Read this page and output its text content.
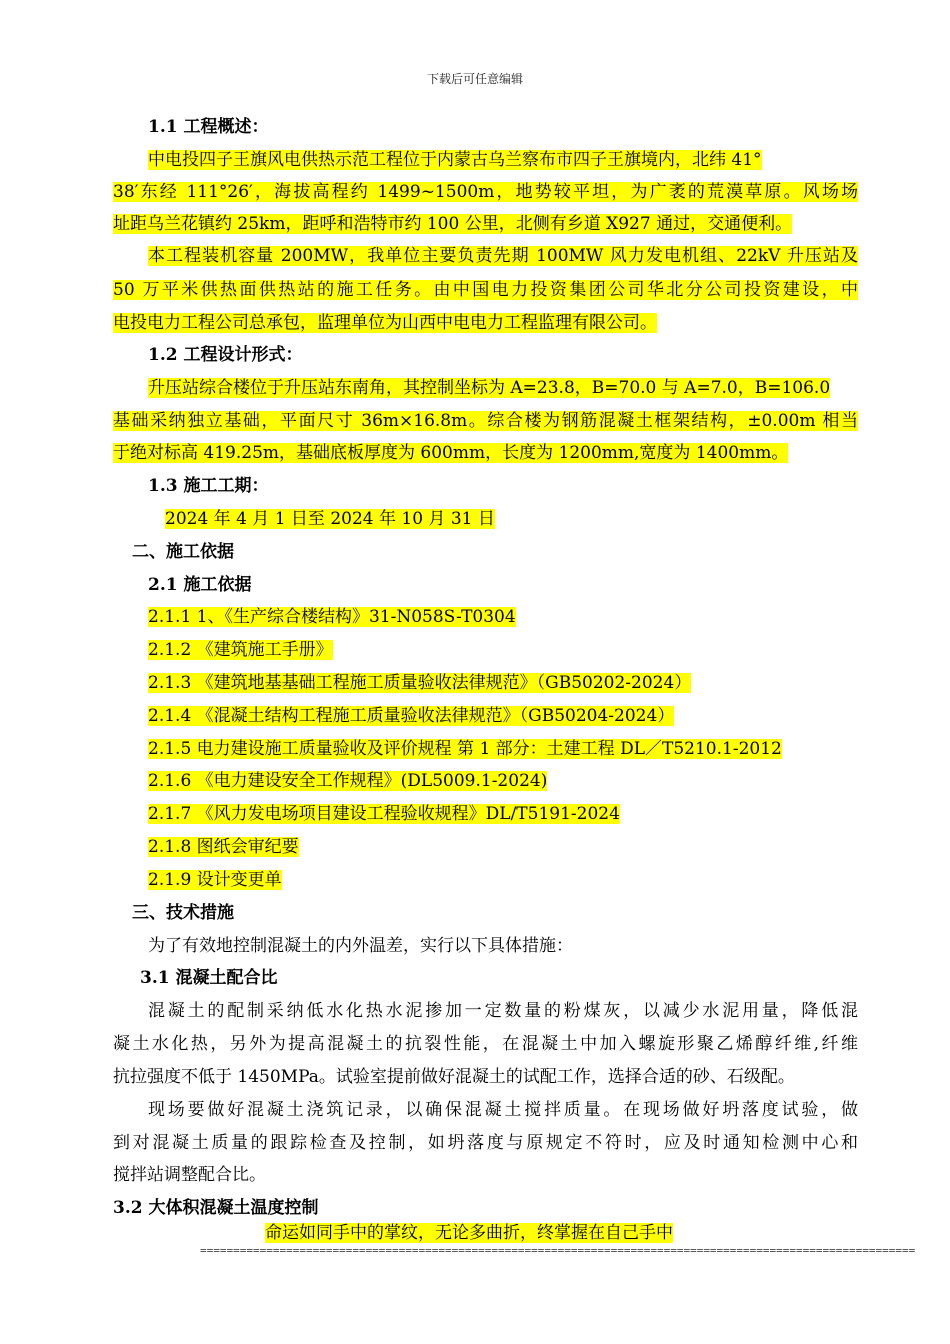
下载后可任意编辑
1.1 工程概述：
中电投四子王旗风电供热示范工程位于内蒙古乌兰察布市四子王旗境内，北纬 41°
38′东经 111°26′，海拔高程约 1499~1500m，地势较平坦，为广袤的荒漠草原。风场场
址距乌兰花镇约 25km，距呼和浩特市约 100 公里，北侧有乡道 X927 通过，交通便利。
本工程装机容量 200MW，我单位主要负责先期 100MW 风力发电机组、22kV 升压站及
50 万平米供热面供热站的施工任务。由中国电力投资集团公司华北分公司投资建设，中
电投电力工程公司总承包，监理单位为山西中电电力工程监理有限公司。
1.2 工程设计形式：
升压站综合楼位于升压站东南角，其控制坐标为 A=23.8，B=70.0 与 A=7.0，B=106.0
基础采纳独立基础，平面尺寸 36m×16.8m。综合楼为钢筋混凝土框架结构，±0.00m 相当
于绝对标高 419.25m，基础底板厚度为 600mm，长度为 1200mm,宽度为 1400mm。
1.3 施工工期：
2024 年 4 月 1 日至 2024 年 10 月 31 日
二、施工依据
2.1 施工依据
2.1.1 1、《生产综合楼结构》31-N058S-T0304
2.1.2 《建筑施工手册》
2.1.3 《建筑地基基础工程施工质量验收法律规范》（GB50202-2024）
2.1.4 《混凝土结构工程施工质量验收法律规范》（GB50204-2024）
2.1.5 电力建设施工质量验收及评价规程 第 1 部分：土建工程 DL／T5210.1-2012
2.1.6 《电力建设安全工作规程》(DL5009.1-2024)
2.1.7 《风力发电场项目建设工程验收规程》DL/T5191-2024
2.1.8 图纸会审纪要
2.1.9 设计变更单
三、技术措施
为了有效地控制混凝土的内外温差，实行以下具体措施：
3.1 混凝土配合比
混凝土的配制采纳低水化热水泥掺加一定数量的粉煤灰，以减少水泥用量，降低混
凝土水化热，另外为提高混凝土的抗裂性能，在混凝土中加入螺旋形聚乙烯醇纤维,纤维
抗拉强度不低于 1450MPa。试验室提前做好混凝土的试配工作，选择合适的砂、石级配。
现场要做好混凝土浇筑记录，以确保混凝土搅拌质量。在现场做好坍落度试验，做
到对混凝土质量的跟踪检查及控制，如坍落度与原规定不符时，应及时通知检测中心和
搅拌站调整配合比。
3.2 大体积混凝土温度控制
命运如同手中的掌纹，无论多曲折，终掌握在自己手中
============================================================================================================
